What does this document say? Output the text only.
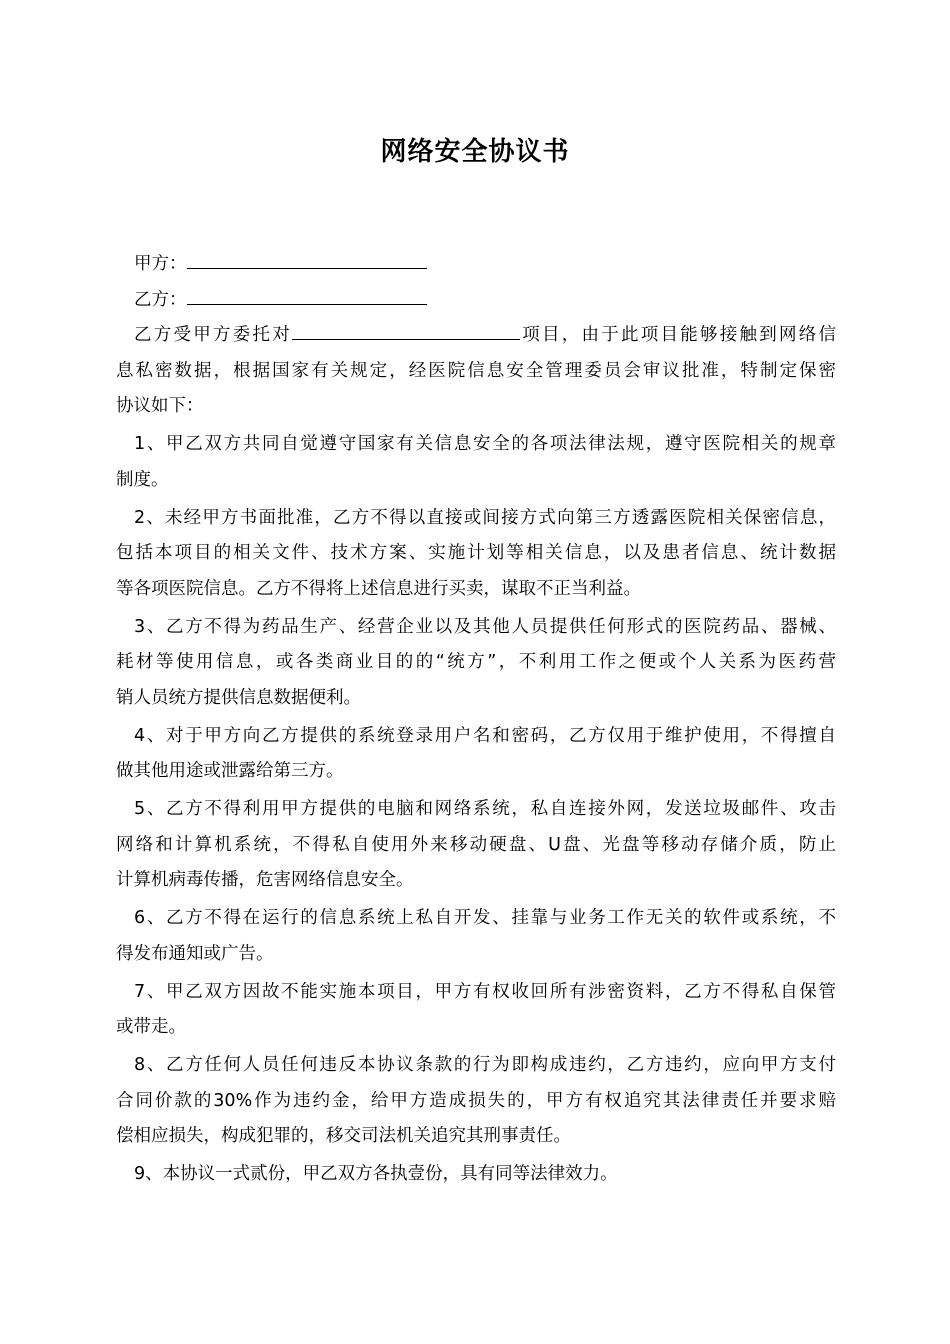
网络安全协议书
甲方：
乙方：
乙方受甲方委托对	项目，由于此项目能够接触到网络信
息私密数据，根据国家有关规定，经医院信息安全管理委员会审议批准，特制定保密
协议如下：
1、甲乙双方共同自觉遵守国家有关信息安全的各项法律法规，遵守医院相关的规章
制度。
2、未经甲方书面批准，乙方不得以直接或间接方式向第三方透露医院相关保密信息，
包括本项目的相关文件、技术方案、实施计划等相关信息，以及患者信息、统计数据
等各项医院信息。乙方不得将上述信息进行买卖，谋取不正当利益。
3、乙方不得为药品生产、经营企业以及其他人员提供任何形式的医院药品、器械、
耗材等使用信息，或各类商业目的的“统方”，不利用工作之便或个人关系为医药营
销人员统方提供信息数据便利。
4、对于甲方向乙方提供的系统登录用户名和密码，乙方仅用于维护使用，不得擅自
做其他用途或泄露给第三方。
5、乙方不得利用甲方提供的电脑和网络系统，私自连接外网，发送垃圾邮件、攻击
网络和计算机系统，不得私自使用外来移动硬盘、U盘、光盘等移动存储介质，防止
计算机病毒传播，危害网络信息安全。
6、乙方不得在运行的信息系统上私自开发、挂靠与业务工作无关的软件或系统，不
得发布通知或广告。
7、甲乙双方因故不能实施本项目，甲方有权收回所有涉密资料，乙方不得私自保管
或带走。
8、乙方任何人员任何违反本协议条款的行为即构成违约，乙方违约，应向甲方支付
合同价款的30%作为违约金，给甲方造成损失的，甲方有权追究其法律责任并要求赔
偿相应损失，构成犯罪的，移交司法机关追究其刑事责任。
9、本协议一式贰份，甲乙双方各执壹份，具有同等法律效力。
